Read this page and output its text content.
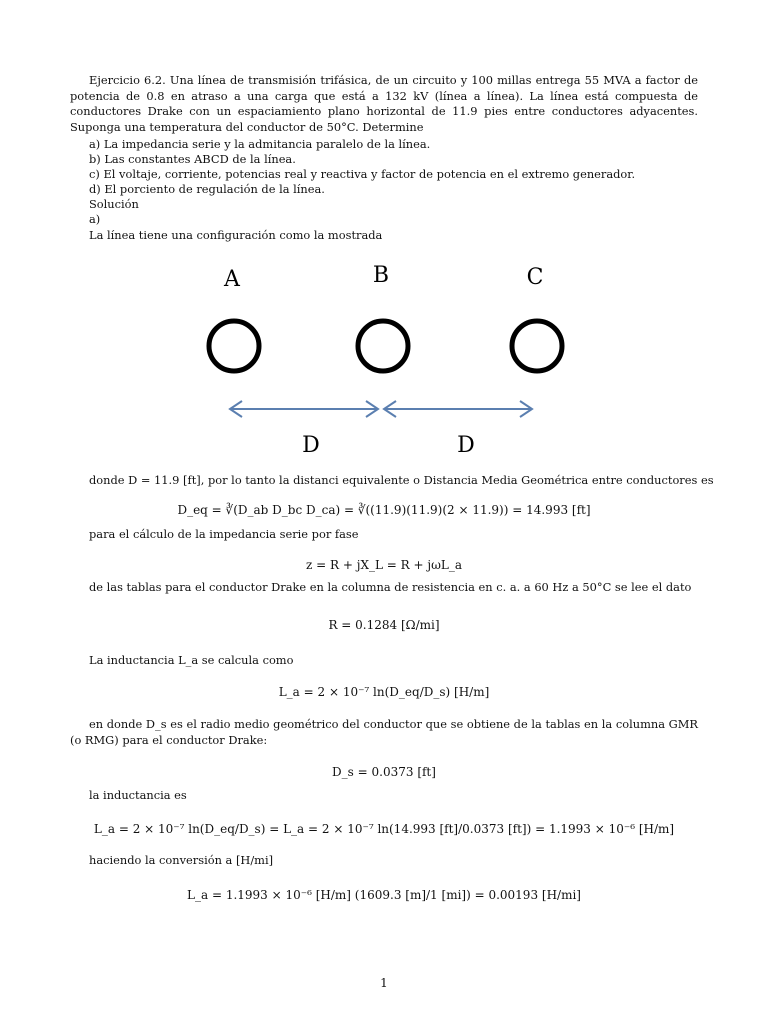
Ejercicio 6.2. Una línea de transmisión trifásica, de un circuito y 100 millas entrega 55 MVA a factor de potencia de 0.8 en atraso a una carga que está a 132 kV (línea a línea). La línea está compuesta de conductores Drake con un espaciamiento plano horizontal de 11.9 pies entre conductores adyacentes. Suponga una temperatura del conductor de 50°C. Determine
a) La impedancia serie y la admitancia paralelo de la línea.
b) Las constantes ABCD de la línea.
c) El voltaje, corriente, potencias real y reactiva y factor de potencia en el extremo generador.
d) El porciento de regulación de la línea.
Solución
a)
La línea tiene una configuración como la mostrada
A	B	C
D	D
donde D = 11.9 [ft], por lo tanto la distanci equivalente o Distancia Media Geométrica entre conductores es
D_eq = ∛(D_ab D_bc D_ca) = ∛((11.9)(11.9)(2 × 11.9)) = 14.993 [ft]
para el cálculo de la impedancia serie por fase
z = R + jX_L = R + jωL_a
de las tablas para el conductor Drake en la columna de resistencia en c. a. a 60 Hz a 50°C se lee el dato
R = 0.1284 [Ω/mi]
La inductancia L_a se calcula como
L_a = 2 × 10⁻⁷ ln(D_eq/D_s) [H/m]
en donde D_s es el radio medio geométrico del conductor que se obtiene de la tablas en la columna GMR (o RMG) para el conductor Drake:
D_s = 0.0373 [ft]
la inductancia es
L_a = 2 × 10⁻⁷ ln(D_eq/D_s) = L_a = 2 × 10⁻⁷ ln(14.993 [ft]/0.0373 [ft]) = 1.1993 × 10⁻⁶ [H/m]
haciendo la conversión a [H/mi]
L_a = 1.1993 × 10⁻⁶ [H/m] (1609.3 [m]/1 [mi]) = 0.00193 [H/mi]
1
